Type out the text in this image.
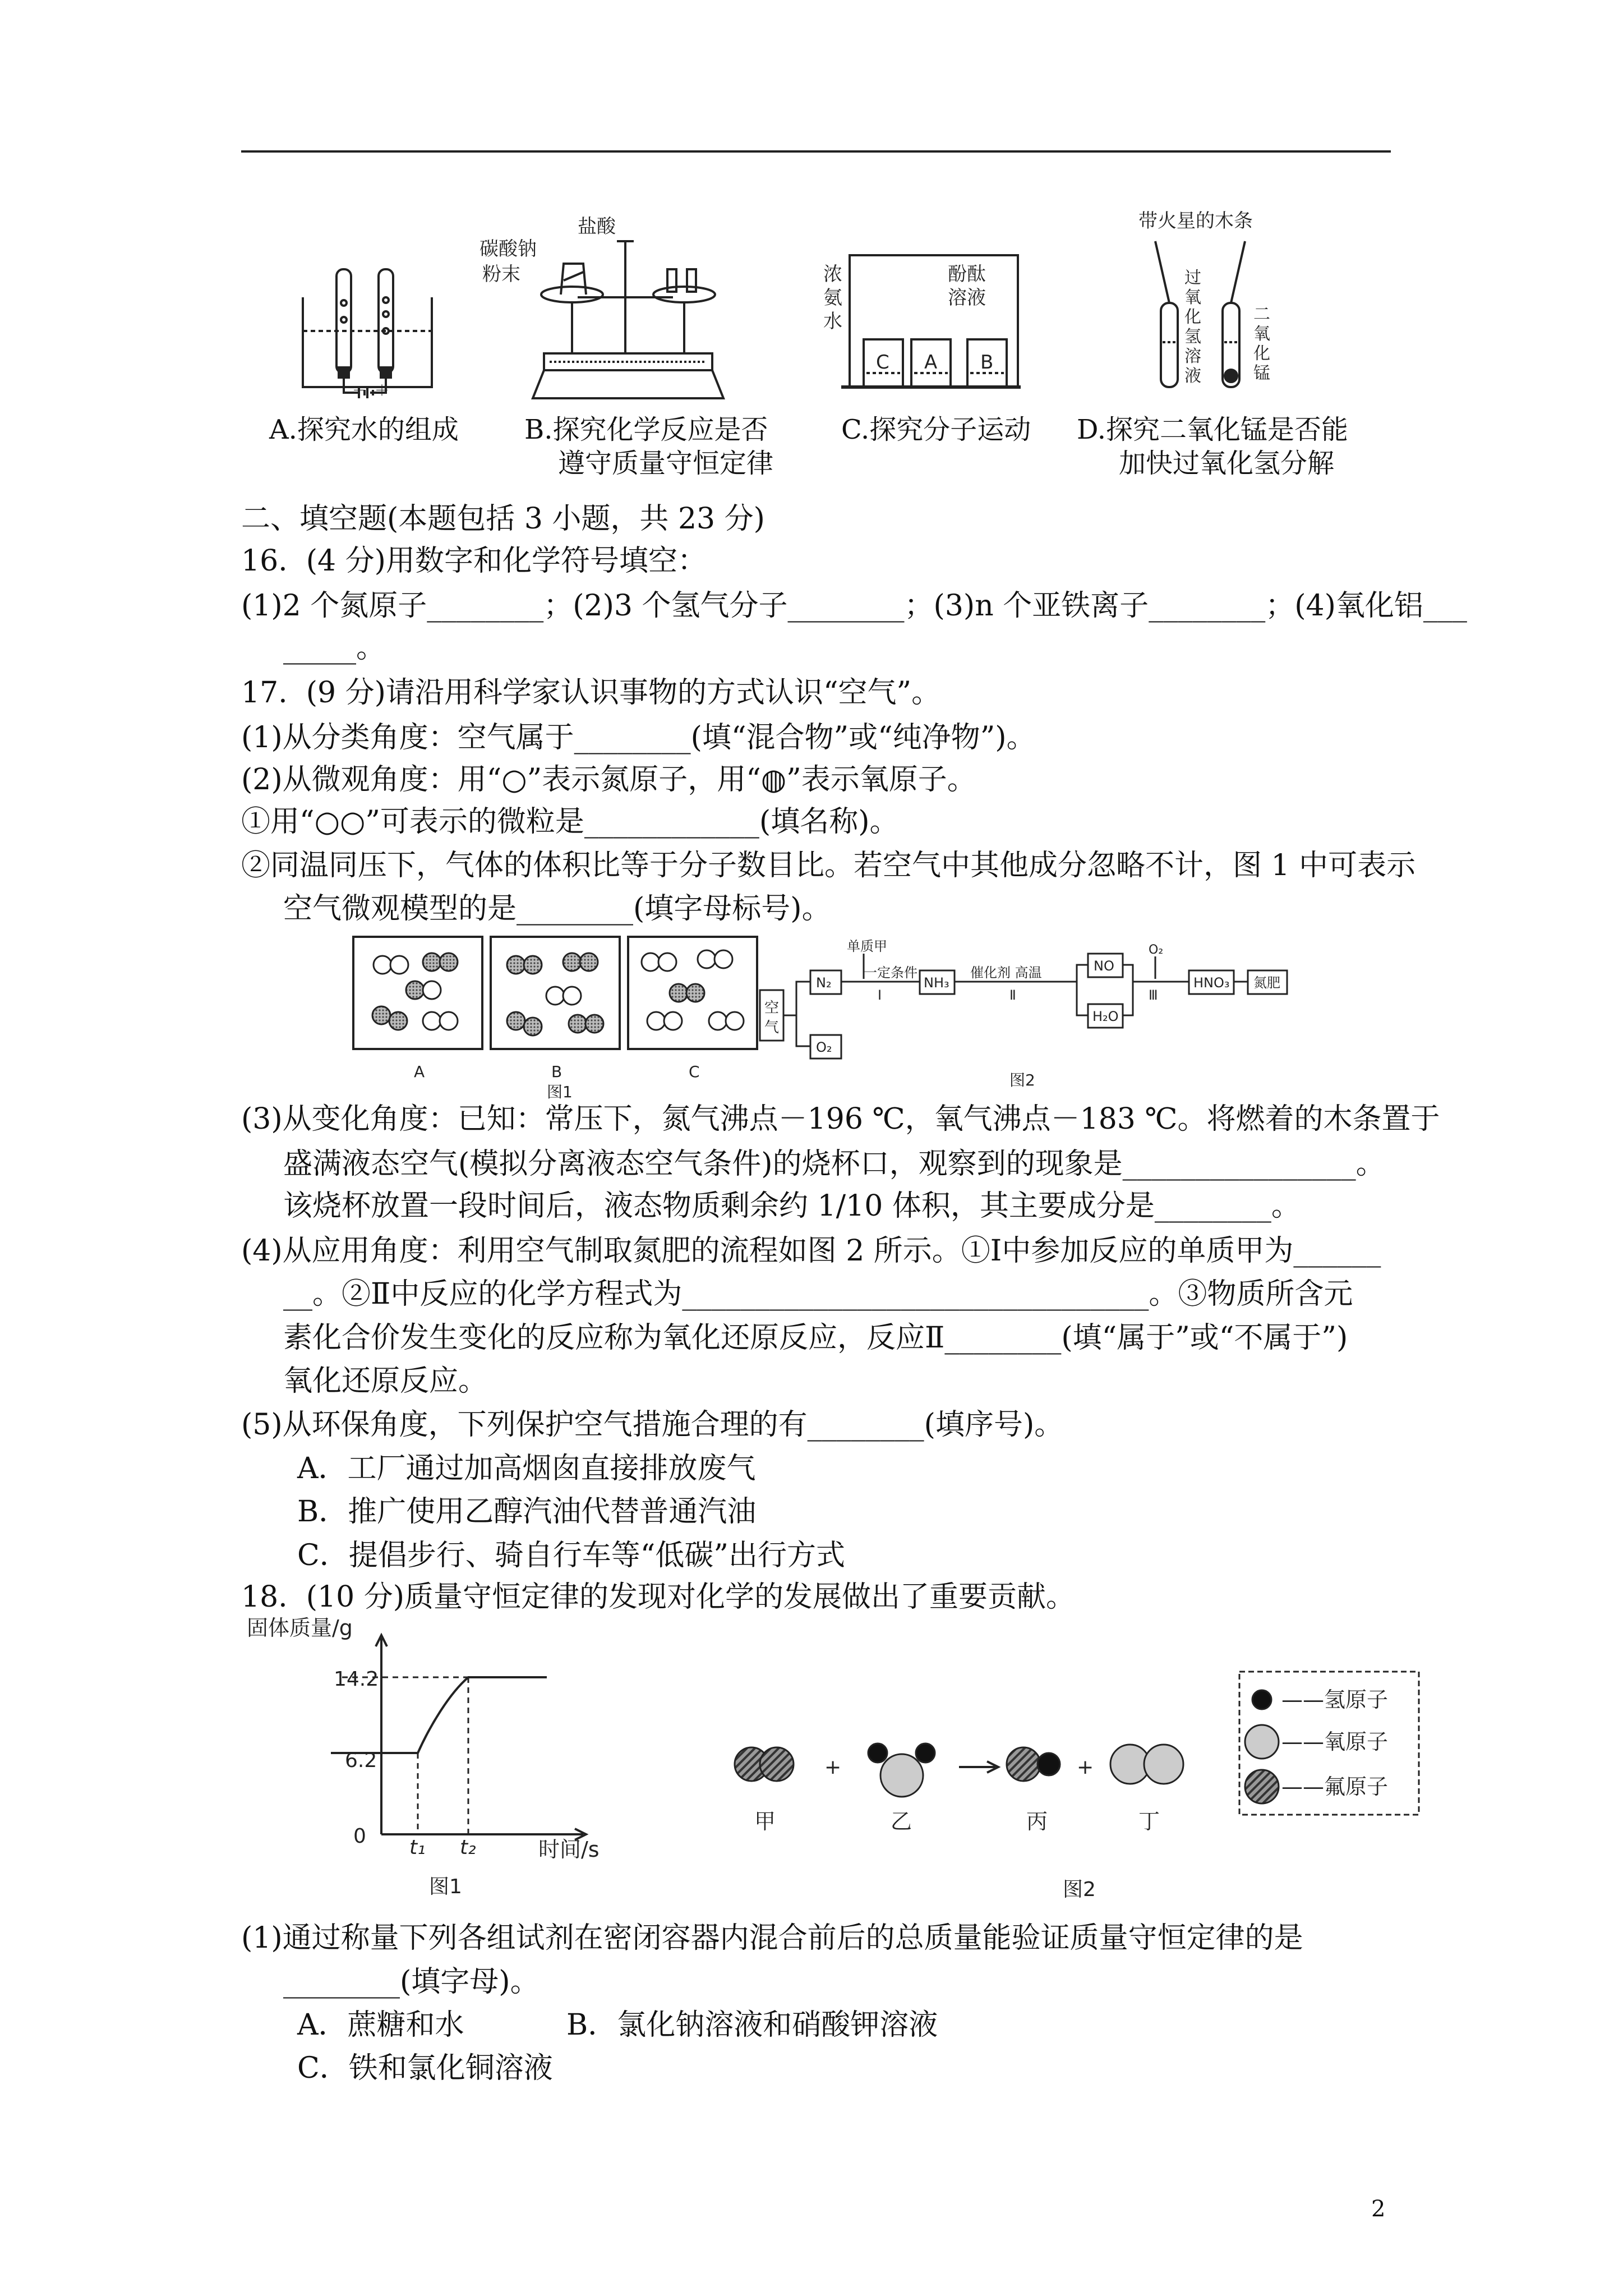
－ ＋
碳酸钠
粉末
盐酸
C A B
浓
氨
水
酚酞
溶液
带火星的木条
过
氧
化
氢
溶
液
二
氧
化
锰
A.探究水的组成 B.探究化学反应是否
遵守质量守恒定律
C.探究分子运动 D.探究二氧化锰是否能
加快过氧化氢分解
二、填空题(本题包括 3 小题，共 23 分)
16.  (4 分)用数字和化学符号填空：
(1)2 个氮原子________；(2)3 个氢气分子________；(3)n 个亚铁离子________；(4)氧化铝___
_____。
17.  (9 分)请沿用科学家认识事物的方式认识“空气”。
(1)从分类角度：空气属于________(填“混合物”或“纯净物”)。
(2)从微观角度：用“○”表示氮原子，用“◍”表示氧原子。
①用“○○”可表示的微粒是____________(填名称)。
②同温同压下，气体的体积比等于分子数目比。若空气中其他成分忽略不计，图 1 中可表示
空气微观模型的是________(填字母标号)。
A	B	C
图1
空
气
N₂
O₂
单质甲
一定条件
Ⅰ
NH₃
催化剂 高温
Ⅱ
NO
H₂O
O₂
Ⅲ
HNO₃ 氮肥
图2
(3)从变化角度：已知：常压下，氮气沸点－196 ℃，氧气沸点－183 ℃。将燃着的木条置于
盛满液态空气(模拟分离液态空气条件)的烧杯口，观察到的现象是________________。
该烧杯放置一段时间后，液态物质剩余约 1/10 体积，其主要成分是________。
(4)从应用角度：利用空气制取氮肥的流程如图 2 所示。①Ⅰ中参加反应的单质甲为______
__。②Ⅱ中反应的化学方程式为________________________________。③物质所含元
素化合价发生变化的反应称为氧化还原反应，反应Ⅱ________(填“属于”或“不属于”)
氧化还原反应。
(5)从环保角度，下列保护空气措施合理的有________(填序号)。
A．工厂通过加高烟囱直接排放废气
B．推广使用乙醇汽油代替普通汽油
C．提倡步行、骑自行车等“低碳”出行方式
18.  (10 分)质量守恒定律的发现对化学的发展做出了重要贡献。
固体质量/g
14.2
6.2
0 t₁ t₂	时间/s
图1
+	+
甲	乙	丙	丁
图2
——氢原子
——氧原子
——氟原子
(1)通过称量下列各组试剂在密闭容器内混合前后的总质量能验证质量守恒定律的是
________(填字母)。
A．蔗糖和水	B．氯化钠溶液和硝酸钾溶液
C．铁和氯化铜溶液
2
